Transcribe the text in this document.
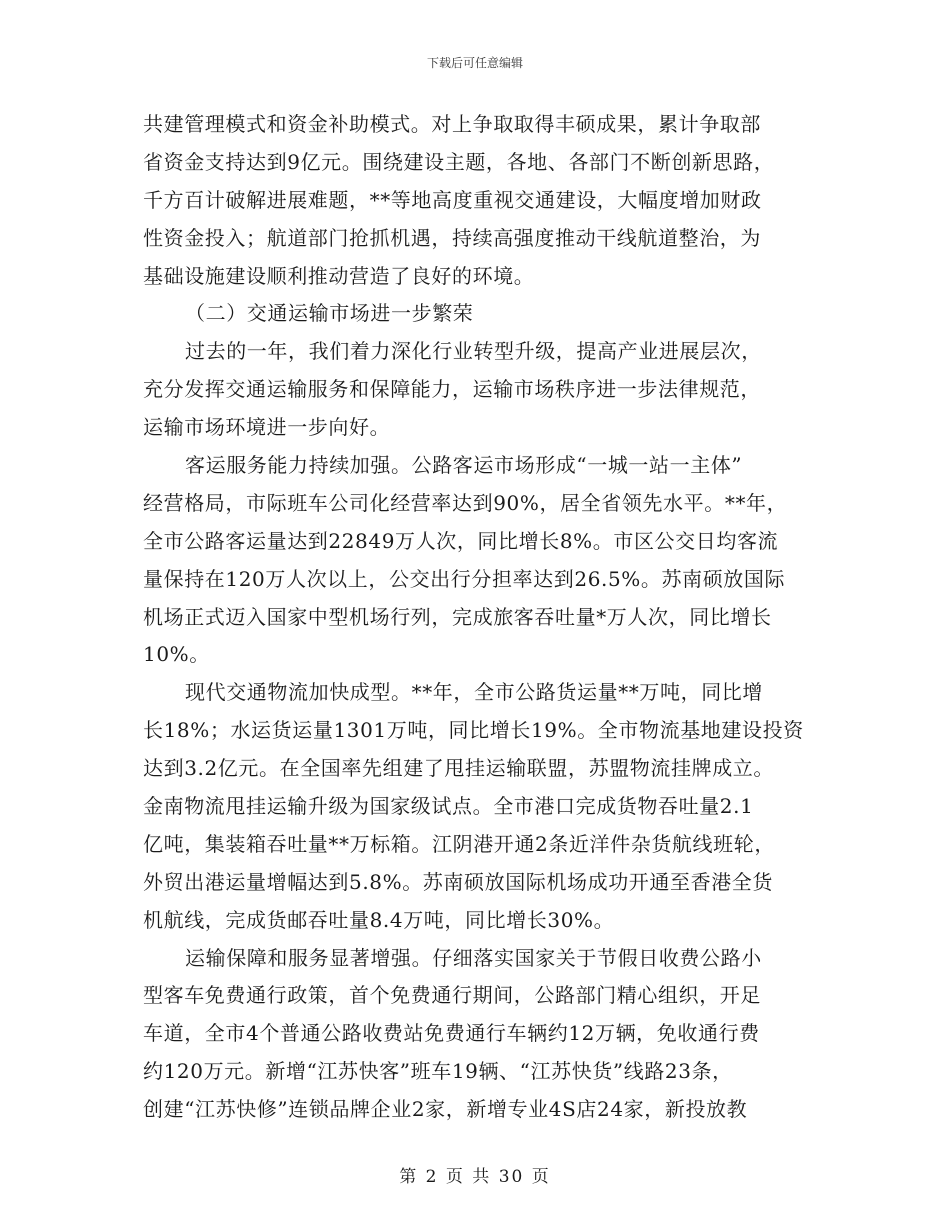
下载后可任意编辑
共建管理模式和资金补助模式。对上争取取得丰硕成果，累计争取部
省资金支持达到9亿元。围绕建设主题，各地、各部门不断创新思路，
千方百计破解进展难题，**等地高度重视交通建设，大幅度增加财政
性资金投入；航道部门抢抓机遇，持续高强度推动干线航道整治，为
基础设施建设顺利推动营造了良好的环境。
（二）交通运输市场进一步繁荣
过去的一年，我们着力深化行业转型升级，提高产业进展层次，
充分发挥交通运输服务和保障能力，运输市场秩序进一步法律规范，
运输市场环境进一步向好。
客运服务能力持续加强。公路客运市场形成“一城一站一主体”
经营格局，市际班车公司化经营率达到90%，居全省领先水平。**年，
全市公路客运量达到22849万人次，同比增长8%。市区公交日均客流
量保持在120万人次以上，公交出行分担率达到26.5%。苏南硕放国际
机场正式迈入国家中型机场行列，完成旅客吞吐量*万人次，同比增长
10%。
现代交通物流加快成型。**年，全市公路货运量**万吨，同比增
长18%；水运货运量1301万吨，同比增长19%。全市物流基地建设投资
达到3.2亿元。在全国率先组建了甩挂运输联盟，苏盟物流挂牌成立。
金南物流甩挂运输升级为国家级试点。全市港口完成货物吞吐量2.1
亿吨，集装箱吞吐量**万标箱。江阴港开通2条近洋件杂货航线班轮，
外贸出港运量增幅达到5.8%。苏南硕放国际机场成功开通至香港全货
机航线，完成货邮吞吐量8.4万吨，同比增长30%。
运输保障和服务显著增强。仔细落实国家关于节假日收费公路小
型客车免费通行政策，首个免费通行期间，公路部门精心组织，开足
车道，全市4个普通公路收费站免费通行车辆约12万辆，免收通行费
约120万元。新增“江苏快客”班车19辆、“江苏快货”线路23条，
创建“江苏快修”连锁品牌企业2家，新增专业4S店24家，新投放教
第 2 页 共 30 页
